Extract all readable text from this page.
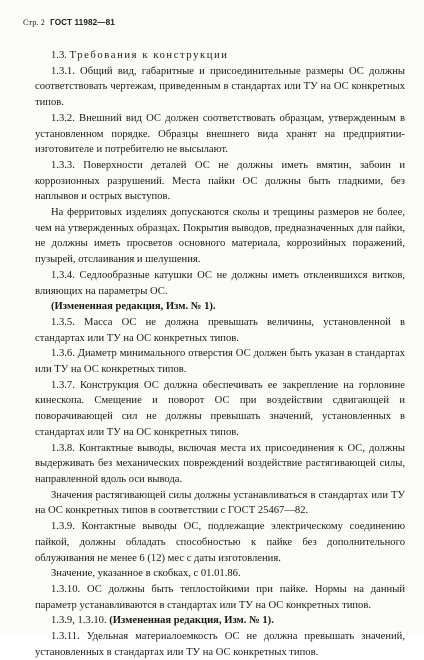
Стр. 2 ГОСТ 11982—81

1.3. Требования к конструкции

1.3.1. Общий вид, габаритные и присоединительные размеры ОС должны соответствовать чертежам, приведенным в стандартах или ТУ на ОС конкретных типов.

1.3.2. Внешний вид ОС должен соответствовать образцам, утвержденным в установленном порядке. Образцы внешнего вида хранят на предприятии-изготовителе и потребителю не высылают.

1.3.3. Поверхности деталей ОС не должны иметь вмятин, забоин и коррозионных разрушений. Места пайки ОС должны быть гладкими, без наплывов и острых выступов.

На ферритовых изделиях допускаются сколы и трещины размеров не более, чем на утвержденных образцах. Покрытия выводов, предназначенных для пайки, не должны иметь просветов основного материала, коррозийных поражений, пузырей, отслаивания и шелушения.

1.3.4. Седлообразные катушки ОС не должны иметь отклеившихся витков, влияющих на параметры ОС.

(Измененная редакция, Изм. № 1).

1.3.5. Масса ОС не должна превышать величины, установленной в стандартах или ТУ на ОС конкретных типов.

1.3.6. Диаметр минимального отверстия ОС должен быть указан в стандартах или ТУ на ОС конкретных типов.

1.3.7. Конструкция ОС должна обеспечивать ее закрепление на горловине кинескопа. Смещение и поворот ОС при воздействии сдвигающей и поворачивающей сил не должны превышать значений, установленных в стандартах или ТУ на ОС конкретных типов.

1.3.8. Контактные выводы, включая места их присоединения к ОС, должны выдерживать без механических повреждений воздействие растягивающей силы, направленной вдоль оси вывода.

Значения растягивающей силы должны устанавливаться в стандартах или ТУ на ОС конкретных типов в соответствии с ГОСТ 25467—82.

1.3.9. Контактные выводы ОС, подлежащие электрическому соединению пайкой, должны обладать способностью к пайке без дополнительного облуживания не менее 6 (12) мес с даты изготовления.

Значение, указанное в скобках, с 01.01.86.

1.3.10. ОС должны быть теплостойкими при пайке. Нормы на данный параметр устанавливаются в стандартах или ТУ на ОС конкретных типов.

1.3.9, 1.3.10. (Измененная редакция, Изм. № 1).

1.3.11. Удельная материалоемкость ОС не должна превышать значений, установленных в стандартах или ТУ на ОС конкретных типов.
